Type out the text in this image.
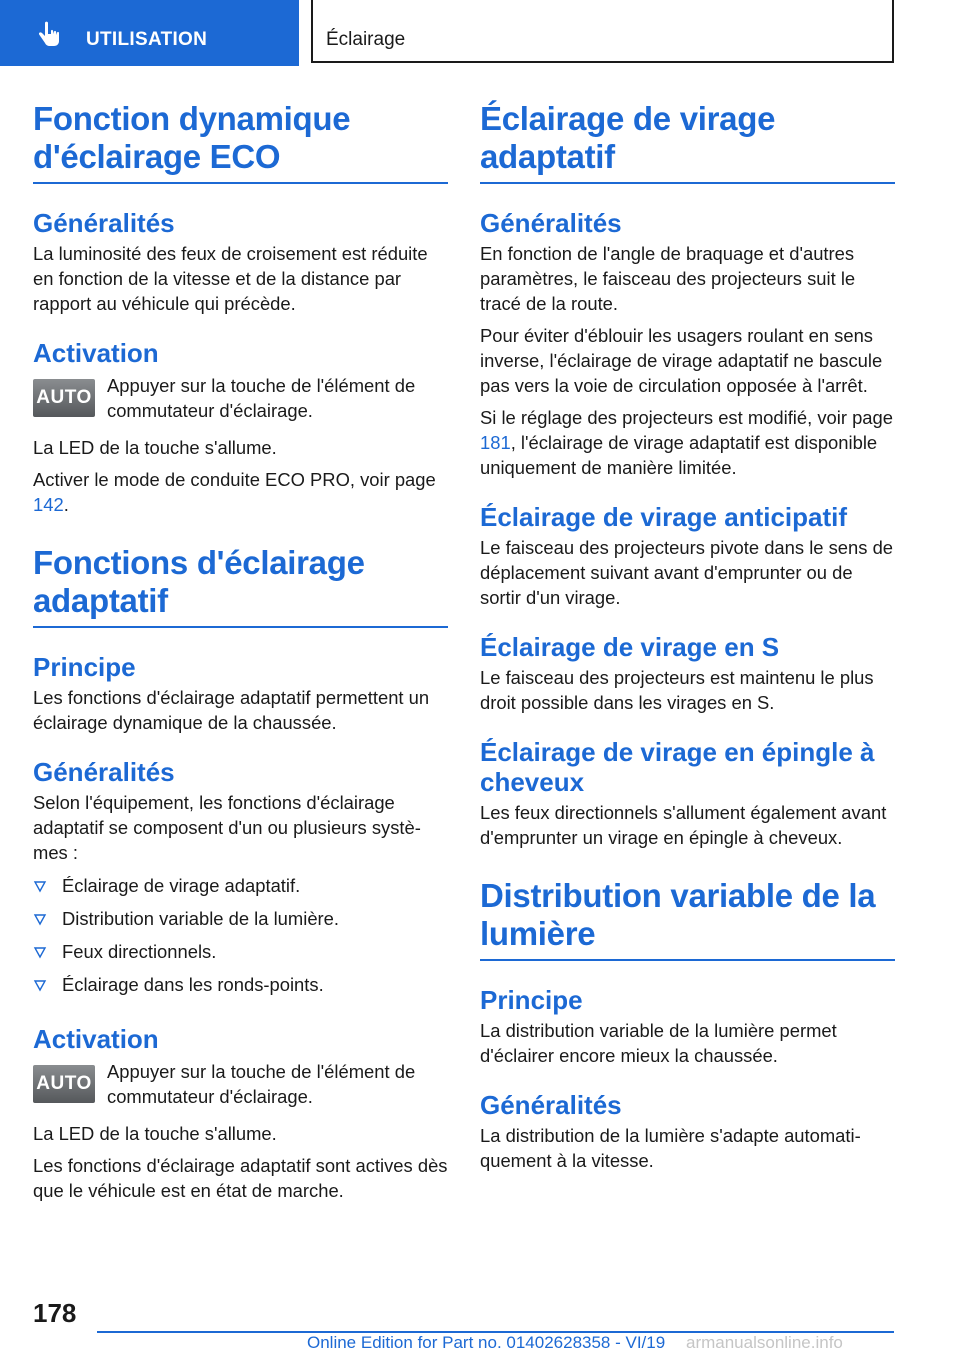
UTILISATION	Éclairage
Fonction dynamique d'éclairage ECO
Généralités

La luminosité des feux de croisement est réduite en fonction de la vitesse et de la distance par rapport au véhicule qui précède.

Activation
AUTO

Appuyer sur la touche de l'élément de commutateur d'éclairage.

La LED de la touche s'allume.

Activer le mode de conduite ECO PRO, voir page 142.

Fonctions d'éclairage adaptatif
Principe

Les fonctions d'éclairage adaptatif permettent un éclairage dynamique de la chaussée.

Généralités

Selon l'équipement, les fonctions d'éclairage adaptatif se composent d'un ou plusieurs systèmes :

Éclairage de virage adaptatif.
Distribution variable de la lumière.
Feux directionnels.
Éclairage dans les ronds-points.
Activation
AUTO

Appuyer sur la touche de l'élément de commutateur d'éclairage.

La LED de la touche s'allume.

Les fonctions d'éclairage adaptatif sont actives dès que le véhicule est en état de marche.

Éclairage de virage adaptatif
Généralités

En fonction de l'angle de braquage et d'autres paramètres, le faisceau des projecteurs suit le tracé de la route.

Pour éviter d'éblouir les usagers roulant en sens inverse, l'éclairage de virage adaptatif ne bascule pas vers la voie de circulation opposée à l'arrêt.

Si le réglage des projecteurs est modifié, voir page 181, l'éclairage de virage adaptatif est disponible uniquement de manière limitée.

Éclairage de virage anticipatif

Le faisceau des projecteurs pivote dans le sens de déplacement suivant avant d'emprunter ou de sortir d'un virage.

Éclairage de virage en S

Le faisceau des projecteurs est maintenu le plus droit possible dans les virages en S.

Éclairage de virage en épingle à cheveux

Les feux directionnels s'allument également avant d'emprunter un virage en épingle à cheveux.

Distribution variable de la lumière
Principe

La distribution variable de la lumière permet d'éclairer encore mieux la chaussée.

Généralités

La distribution de la lumière s'adapte automatiquement à la vitesse.

178
Online Edition for Part no. 01402628358 - VI/19 armanualsonline.info
